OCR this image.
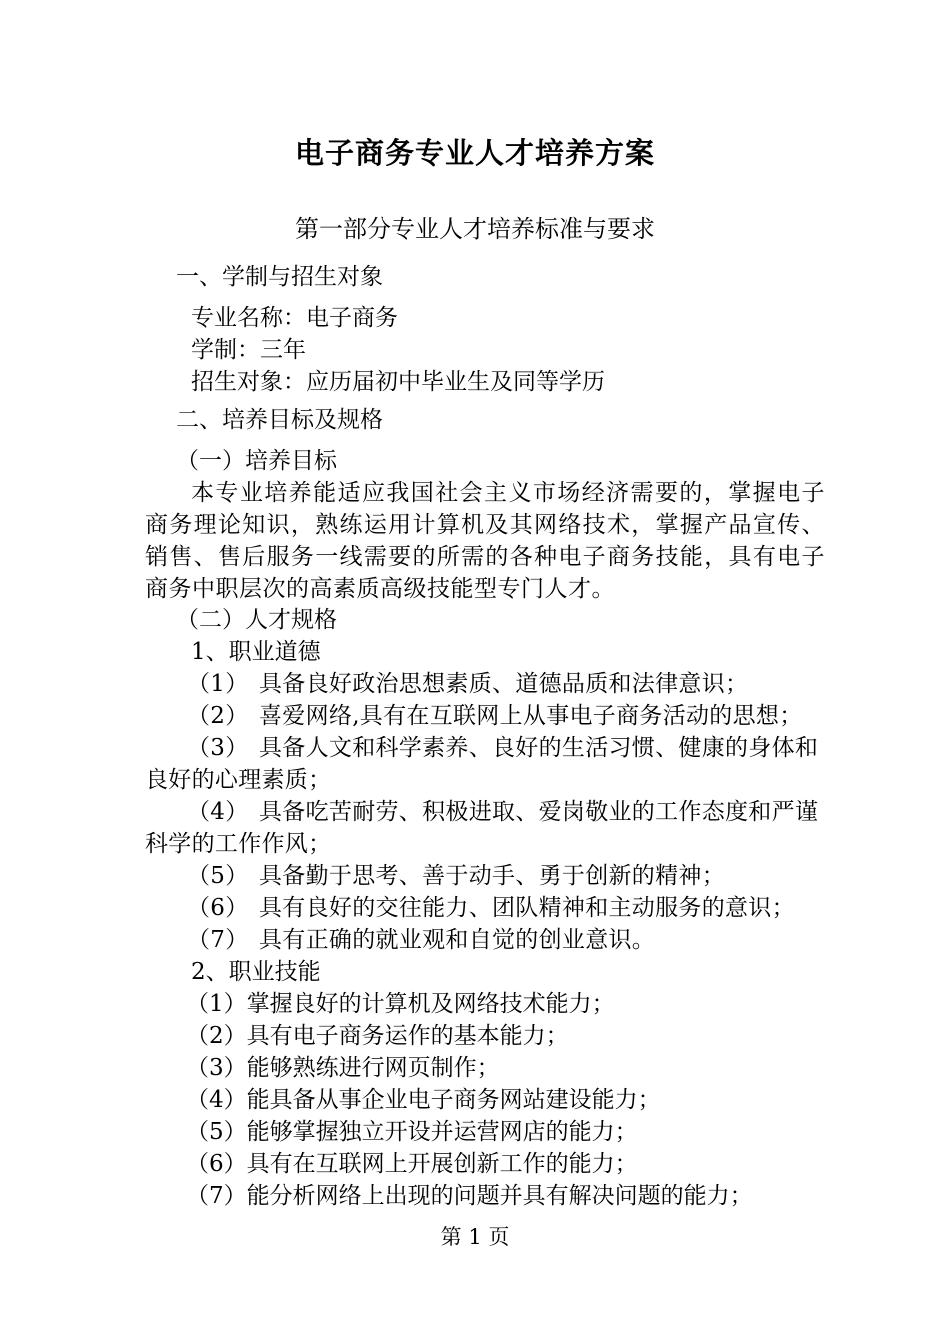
电子商务专业人才培养方案
第一部分专业人才培养标准与要求
一、学制与招生对象
专业名称：电子商务
学制：三年
招生对象：应历届初中毕业生及同等学历
二、培养目标及规格
（一）培养目标
本专业培养能适应我国社会主义市场经济需要的，掌握电子商务理论知识，熟练运用计算机及其网络技术，掌握产品宣传、销售、售后服务一线需要的所需的各种电子商务技能，具有电子商务中职层次的高素质高级技能型专门人才。
（二）人才规格
1、职业道德
（1） 具备良好政治思想素质、道德品质和法律意识；
（2） 喜爱网络,具有在互联网上从事电子商务活动的思想；
（3） 具备人文和科学素养、良好的生活习惯、健康的身体和良好的心理素质；
（4） 具备吃苦耐劳、积极进取、爱岗敬业的工作态度和严谨科学的工作作风；
（5） 具备勤于思考、善于动手、勇于创新的精神；
（6） 具有良好的交往能力、团队精神和主动服务的意识；
（7） 具有正确的就业观和自觉的创业意识。
2、职业技能
（1）掌握良好的计算机及网络技术能力；
（2）具有电子商务运作的基本能力；
（3）能够熟练进行网页制作；
（4）能具备从事企业电子商务网站建设能力；
（5）能够掌握独立开设并运营网店的能力；
（6）具有在互联网上开展创新工作的能力；
（7）能分析网络上出现的问题并具有解决问题的能力；
第 1 页
